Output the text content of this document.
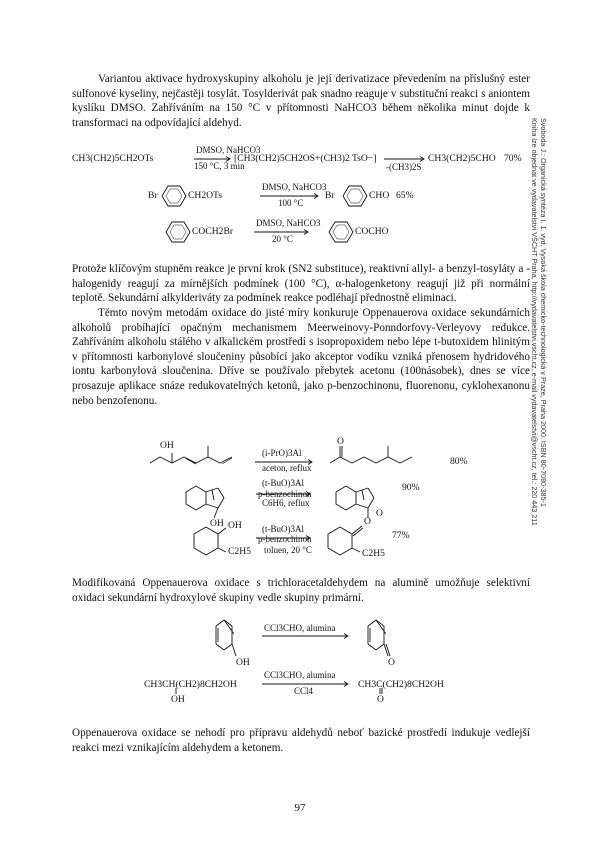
Svoboda J.: Organická syntéza I. 1. vyd. Vysoká škola chemicko-technologická v Praze, Praha 2000. ISBN 80-7080-385-1
Kniha lze objednat ve vydavatelství VŠCHT Praha, http://vydavatelstvi.vscht.cz, e-mail vydavatelstvi@vscht.cz, tel.: 220 443 211
Variantou aktivace hydroxyskupiny alkoholu je její derivatizace převedením na příslušný ester sulfonové kyseliny, nejčastěji tosylát. Tosylderivát pak snadno reaguje v substituční reakci s aniontem kyslíku DMSO. Zahříváním na 150 °C v přítomnosti NaHCO3 během několika minut dojde k transformaci na odpovídající aldehyd.
CH3(CH2)5CH2OTs
DMSO, NaHCO3
150 °C, 3 min
[CH3(CH2)5CH2OS+(CH3)2 TsO−]
-(CH3)2S
CH3(CH2)5CHO 70%
Br	CH2OTs
DMSO, NaHCO3
100 °C
Br	CHO 65%
COCH2Br
DMSO, NaHCO3
20 °C
COCHO
Protože klíčovým stupněm reakce je první krok (SN2 substituce), reaktivní allyl- a benzyl-tosyláty a -halogenidy reagují za mírnějších podmínek (100 °C), α-halogenketony reagují již při normální teplotě. Sekundární alkylderiváty za podmínek reakce podléhají přednostně eliminaci.
Těmto novým metodám oxidace do jisté míry konkuruje Oppenauerova oxidace sekundárních alkoholů probíhající opačným mechanismem Meerweinovy-Ponndorfovy-Verleyovy redukce. Zahříváním alkoholu stálého v alkalickém prostředí s isopropoxidem nebo lépe t-butoxidem hlinitým v přítomnosti karbonylové sloučeniny působící jako akceptor vodíku vzniká přenosem hydridového iontu karbonylová sloučenina. Dříve se používalo přebytek acetonu (100násobek), dnes se více prosazuje aplikace snáze redukovatelných ketonů, jako p-benzochinonu, fluorenonu, cyklohexanonu nebo benzofenonu.
OH
(i-PrO)3Al
aceton, reflux
O
80%
OH
(t-BuO)3Al
p-benzochinon
C6H6, reflux
O
90%
OH
C2H5
(t-BuO)3Al
p-benzochinon
toluen, 20 °C
O
C2H5
77%
Modifikovaná Oppenauerova oxidace s trichloracetaldehydem na alumině umožňuje selektivní oxidaci sekundární hydroxylové skupiny vedle skupiny primární.
OH
CCl3CHO, alumina
O
CH3CH(CH2)8CH2OH
OH
CCl3CHO, alumina
CCl4
CH3C(CH2)8CH2OH
O
Oppenauerova oxidace se nehodí pro přípravu aldehydů neboť bazické prostředí indukuje vedlejší reakci mezi vznikajícím aldehydem a ketonem.
97
